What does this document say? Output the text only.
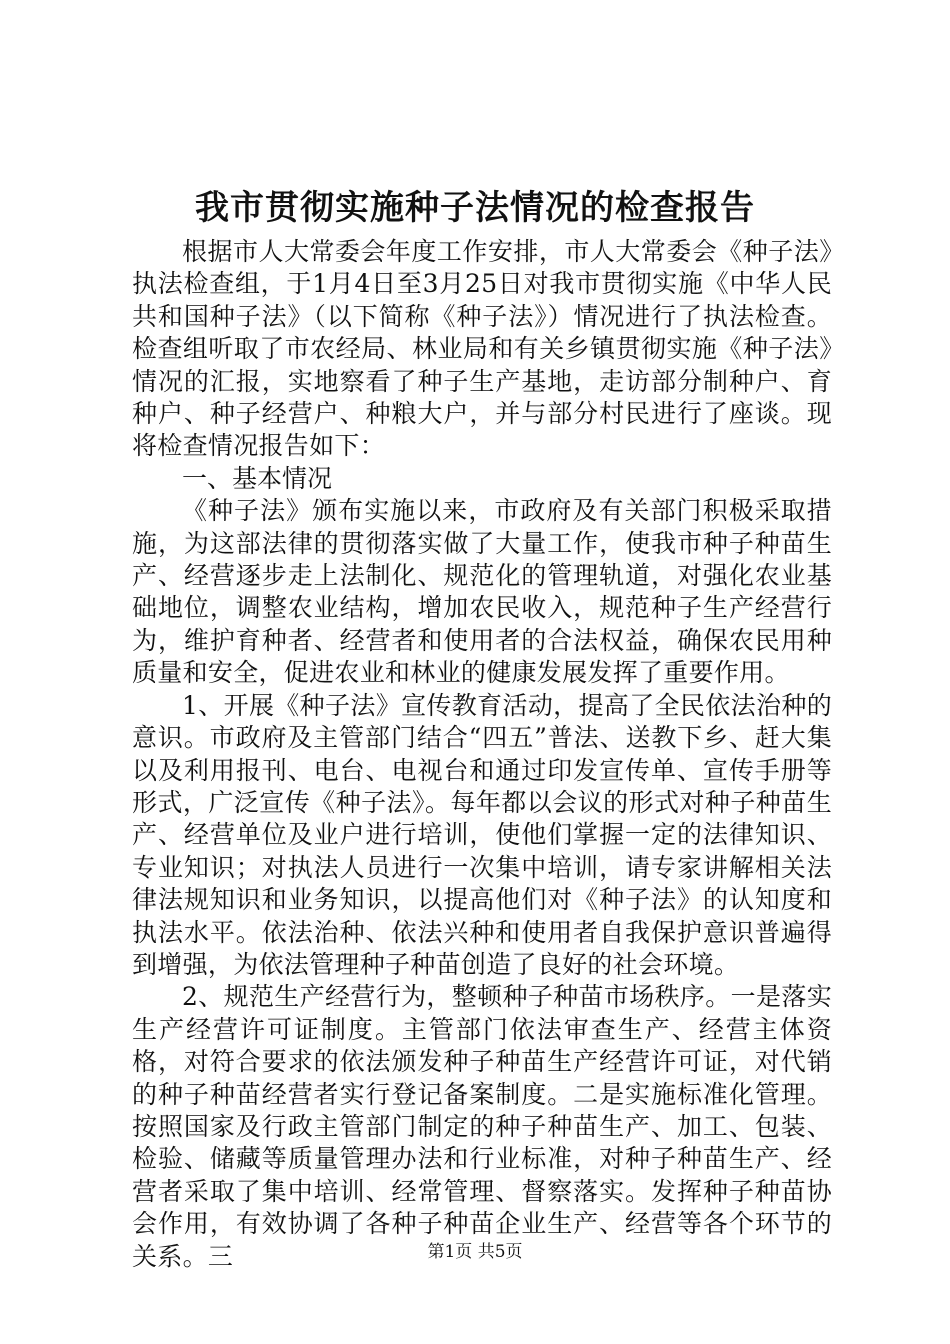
我市贯彻实施种子法情况的检查报告

根据市人大常委会年度工作安排，市人大常委会《种子法》执法检查组，于1月4日至3月25日对我市贯彻实施《中华人民共和国种子法》（以下简称《种子法》）情况进行了执法检查。检查组听取了市农经局、林业局和有关乡镇贯彻实施《种子法》情况的汇报，实地察看了种子生产基地，走访部分制种户、育种户、种子经营户、种粮大户，并与部分村民进行了座谈。现将检查情况报告如下：

一、基本情况

《种子法》颁布实施以来，市政府及有关部门积极采取措施，为这部法律的贯彻落实做了大量工作，使我市种子种苗生产、经营逐步走上法制化、规范化的管理轨道，对强化农业基础地位，调整农业结构，增加农民收入，规范种子生产经营行为，维护育种者、经营者和使用者的合法权益，确保农民用种质量和安全，促进农业和林业的健康发展发挥了重要作用。

1、开展《种子法》宣传教育活动，提高了全民依法治种的意识。市政府及主管部门结合“四五”普法、送教下乡、赶大集以及利用报刊、电台、电视台和通过印发宣传单、宣传手册等形式，广泛宣传《种子法》。每年都以会议的形式对种子种苗生产、经营单位及业户进行培训，使他们掌握一定的法律知识、专业知识；对执法人员进行一次集中培训，请专家讲解相关法律法规知识和业务知识，以提高他们对《种子法》的认知度和执法水平。依法治种、依法兴种和使用者自我保护意识普遍得到增强，为依法管理种子种苗创造了良好的社会环境。

2、规范生产经营行为，整顿种子种苗市场秩序。一是落实生产经营许可证制度。主管部门依法审查生产、经营主体资格，对符合要求的依法颁发种子种苗生产经营许可证，对代销的种子种苗经营者实行登记备案制度。二是实施标准化管理。按照国家及行政主管部门制定的种子种苗生产、加工、包装、检验、储藏等质量管理办法和行业标准，对种子种苗生产、经营者采取了集中培训、经常管理、督察落实。发挥种子种苗协会作用，有效协调了各种子种苗企业生产、经营等各个环节的关系。三	第1页 共5页
